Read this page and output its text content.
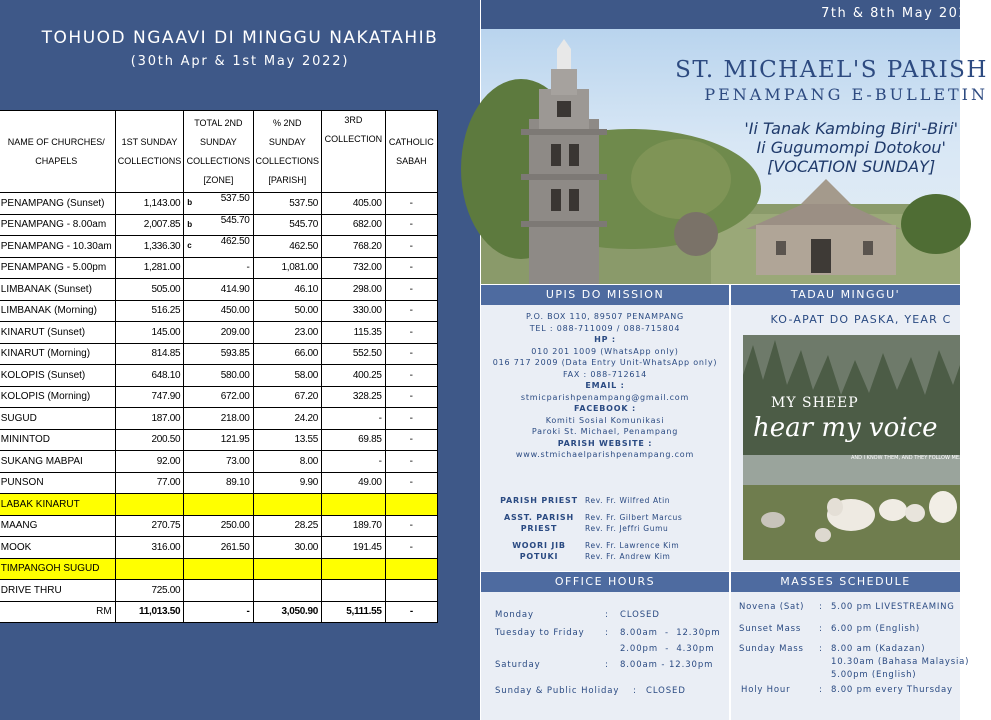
TOHUOD NGAAVI DI MINGGU NAKATAHIB
(30th Apr & 1st May 2022)
	NAME OF CHURCHES/ CHAPELS	1ST SUNDAY COLLECTIONS	TOTAL 2ND SUNDAY COLLECTIONS [ZONE]	% 2ND SUNDAY COLLECTIONS [PARISH]	3RD COLLECTION	CATHOLIC SABAH
	PENAMPANG (Sunset)	1,143.00	b 537.50	537.50	405.00	-
	PENAMPANG - 8.00am	2,007.85	b 545.70	545.70	682.00	-
	PENAMPANG - 10.30am	1,336.30	c 462.50	462.50	768.20	-
	PENAMPANG - 5.00pm	1,281.00	-	1,081.00	732.00	-
	LIMBANAK (Sunset)	505.00	414.90	46.10	298.00	-
	LIMBANAK (Morning)	516.25	450.00	50.00	330.00	-
	KINARUT (Sunset)	145.00	209.00	23.00	115.35	-
	KINARUT (Morning)	814.85	593.85	66.00	552.50	-
	KOLOPIS (Sunset)	648.10	580.00	58.00	400.25	-
	KOLOPIS (Morning)	747.90	672.00	67.20	328.25	-
	SUGUD	187.00	218.00	24.20	-	-
	MININTOD	200.50	121.95	13.55	69.85	-
	SUKANG MABPAI	92.00	73.00	8.00	-	-
	PUNSON	77.00	89.10	9.90	49.00	-
	LABAK KINARUT					
	MAANG	270.75	250.00	28.25	189.70	-
	MOOK	316.00	261.50	30.00	191.45	-
	TIMPANGOH SUGUD					
	DRIVE THRU	725.00				
	RM	11,013.50	-	3,050.90	5,111.55	-
7th & 8th May 2022
ST. MICHAEL'S PARISH
PENAMPANG E-BULLETIN
'Ii Tanak Kambing Biri'-Biri'
Ii Gugumompi Dotokou'
[VOCATION SUNDAY]
UPIS DO MISSION	TADAU MINGGU'
P.O. BOX 110, 89507 PENAMPANG
TEL : 088-711009 / 088-715804
HP :
010 201 1009 (WhatsApp only)
016 717 2009 (Data Entry Unit-WhatsApp only)
FAX : 088-712614
EMAIL :
stmicparishpenampang@gmail.com
FACEBOOK :
Komiti Sosial Komunikasi
Paroki St. Michael, Penampang
PARISH WEBSITE :
www.stmichaelparishpenampang.com
PARISH PRIEST Rev. Fr. Wilfred Atin
ASST. PARISH PRIEST
Rev. Fr. Gilbert Marcus
Rev. Fr. Jeffri Gumu
WOORI JIB POTUKI
Rev. Fr. Lawrence Kim
Rev. Fr. Andrew Kim
KO-APAT DO PASKA, YEAR C
MY SHEEP
hear my voice
AND I KNOW THEM, AND THEY FOLLOW ME.
OFFICE HOURS	MASSES SCHEDULE
Monday	: CLOSED
Tuesday to Friday : 8.00am  -  12.30pm
2.00pm  -  4.30pm
Saturday	: 8.00am - 12.30pm
Sunday & Public Holiday : CLOSED
Novena (Sat) : 5.00 pm LIVESTREAMING
Sunset Mass : 6.00 pm (English)
Sunday Mass : 8.00 am (Kadazan)
10.30am (Bahasa Malaysia)
5.00pm (English)
Holy Hour	: 8.00 pm every Thursday
